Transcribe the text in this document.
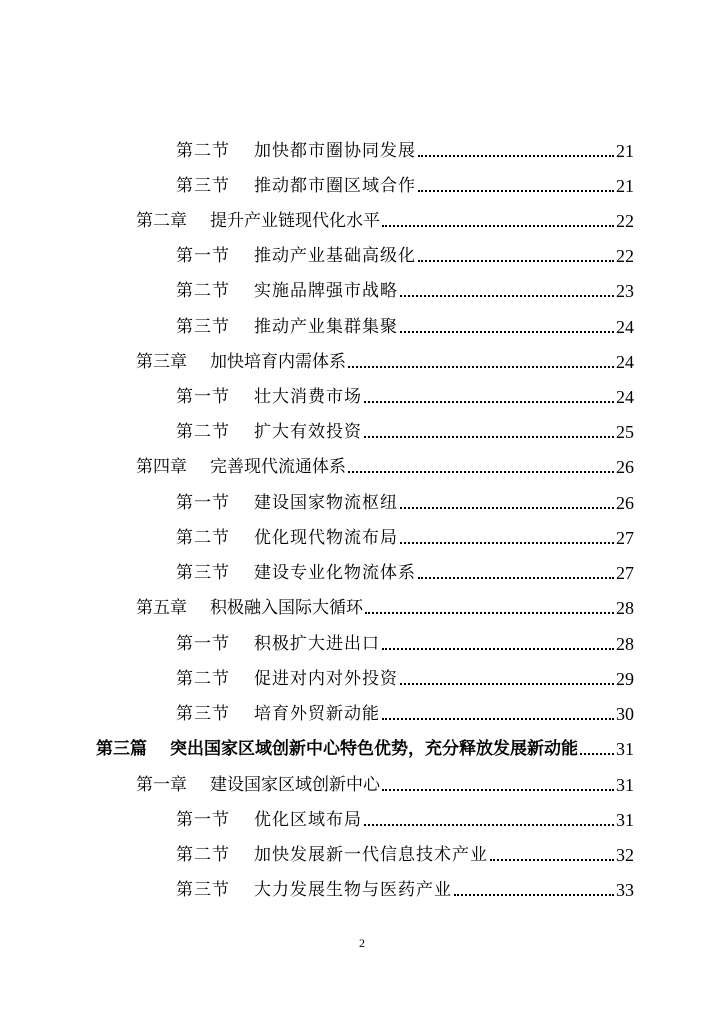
第二节 加快都市圈协同发展	21
第三节 推动都市圈区域合作	21
第二章 提升产业链现代化水平	22
第一节 推动产业基础高级化	22
第二节 实施品牌强市战略	23
第三节 推动产业集群集聚	24
第三章 加快培育内需体系	24
第一节 壮大消费市场	24
第二节 扩大有效投资	25
第四章 完善现代流通体系	26
第一节 建设国家物流枢纽	26
第二节 优化现代物流布局	27
第三节 建设专业化物流体系	27
第五章 积极融入国际大循环	28
第一节 积极扩大进出口	28
第二节 促进对内对外投资	29
第三节 培育外贸新动能	30
第三篇 突出国家区域创新中心特色优势，充分释放发展新动能 31
第一章 建设国家区域创新中心	31
第一节 优化区域布局	31
第二节 加快发展新一代信息技术产业	32
第三节 大力发展生物与医药产业	33
2
